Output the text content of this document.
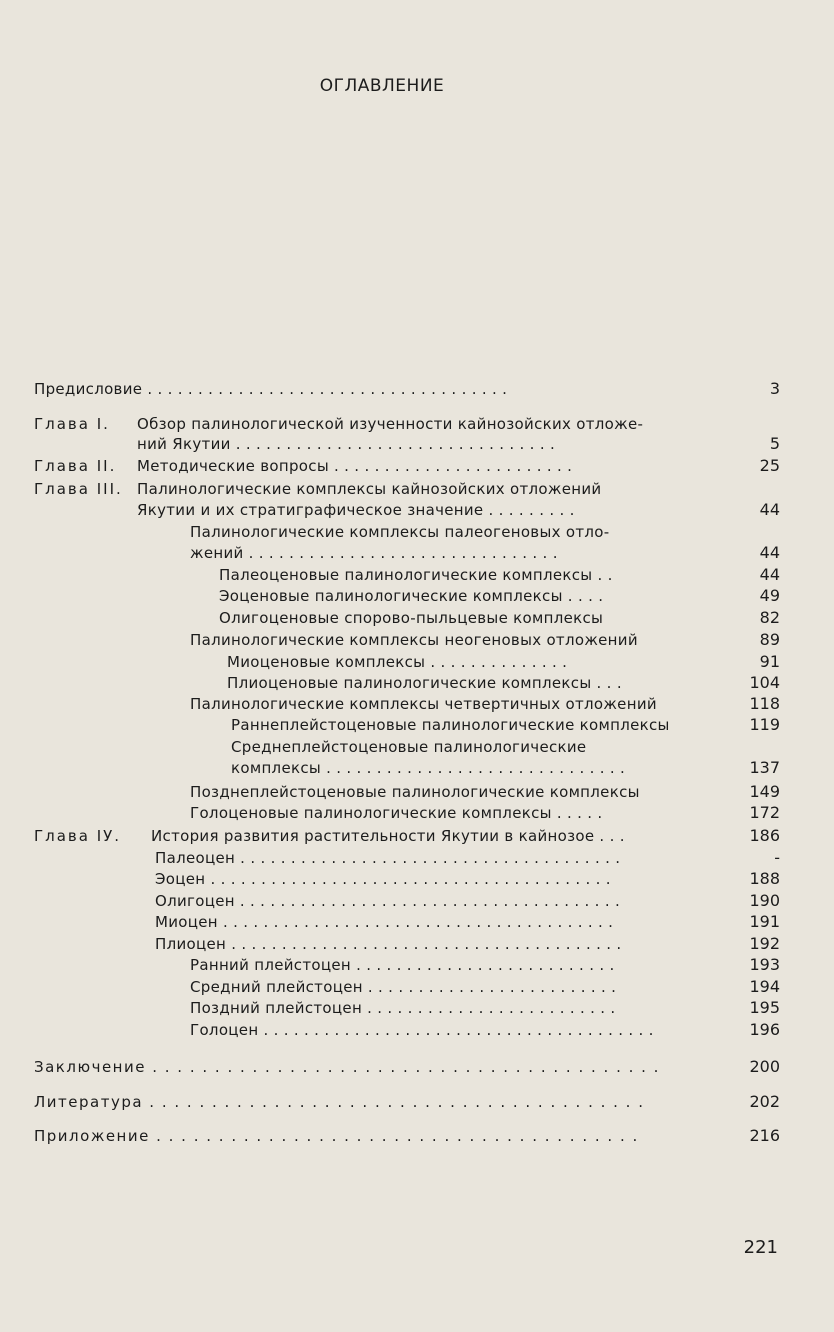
ОГЛАВЛЕНИЕ
Предисловие . . . . . . . . . . . . . . . . . . . . . . . . . . . . . . . . . . . .	3
Глава I. Обзор палинологической изученности кайнозойских отложе-
ний Якутии . . . . . . . . . . . . . . . . . . . . . . . . . . . . . . . .	5
Глава II. Методические вопросы . . . . . . . . . . . . . . . . . . . . . . . .	25
Глава III. Палинологические комплексы кайнозойских отложений
Якутии и их стратиграфическое значение . . . . . . . . .	44
Палинологические комплексы палеогеновых отло-
жений . . . . . . . . . . . . . . . . . . . . . . . . . . . . . . .	44
Палеоценовые палинологические комплексы . .	44
Эоценовые палинологические комплексы . . . .	49
Олигоценовые спорово-пыльцевые комплексы	82
Палинологические комплексы неогеновых отложений	89
Миоценовые комплексы . . . . . . . . . . . . . .	91
Плиоценовые палинологические комплексы . . .	104
Палинологические комплексы четвертичных отложений	118
Раннеплейстоценовые палинологические комплексы	119
Среднеплейстоценовые палинологические
комплексы . . . . . . . . . . . . . . . . . . . . . . . . . . . . . .	137
Позднеплейстоценовые палинологические комплексы	149
Голоценовые палинологические комплексы . . . . .	172
Глава IУ. История развития растительности Якутии в кайнозое . . .	186
Палеоцен . . . . . . . . . . . . . . . . . . . . . . . . . . . . . . . . . . . . . .	-
Эоцен . . . . . . . . . . . . . . . . . . . . . . . . . . . . . . . . . . . . . . . .	188
Олигоцен . . . . . . . . . . . . . . . . . . . . . . . . . . . . . . . . . . . . . .	190
Миоцен . . . . . . . . . . . . . . . . . . . . . . . . . . . . . . . . . . . . . . .	191
Плиоцен . . . . . . . . . . . . . . . . . . . . . . . . . . . . . . . . . . . . . . .	192
Ранний плейстоцен . . . . . . . . . . . . . . . . . . . . . . . . . .	193
Средний плейстоцен . . . . . . . . . . . . . . . . . . . . . . . . .	194
Поздний плейстоцен . . . . . . . . . . . . . . . . . . . . . . . . .	195
Голоцен . . . . . . . . . . . . . . . . . . . . . . . . . . . . . . . . . . . . . . .	196
Заключение . . . . . . . . . . . . . . . . . . . . . . . . . . . . . . . . . . . . . . . . .	200
Литература . . . . . . . . . . . . . . . . . . . . . . . . . . . . . . . . . . . . . . . .	202
Приложение . . . . . . . . . . . . . . . . . . . . . . . . . . . . . . . . . . . . . . .	216
221
